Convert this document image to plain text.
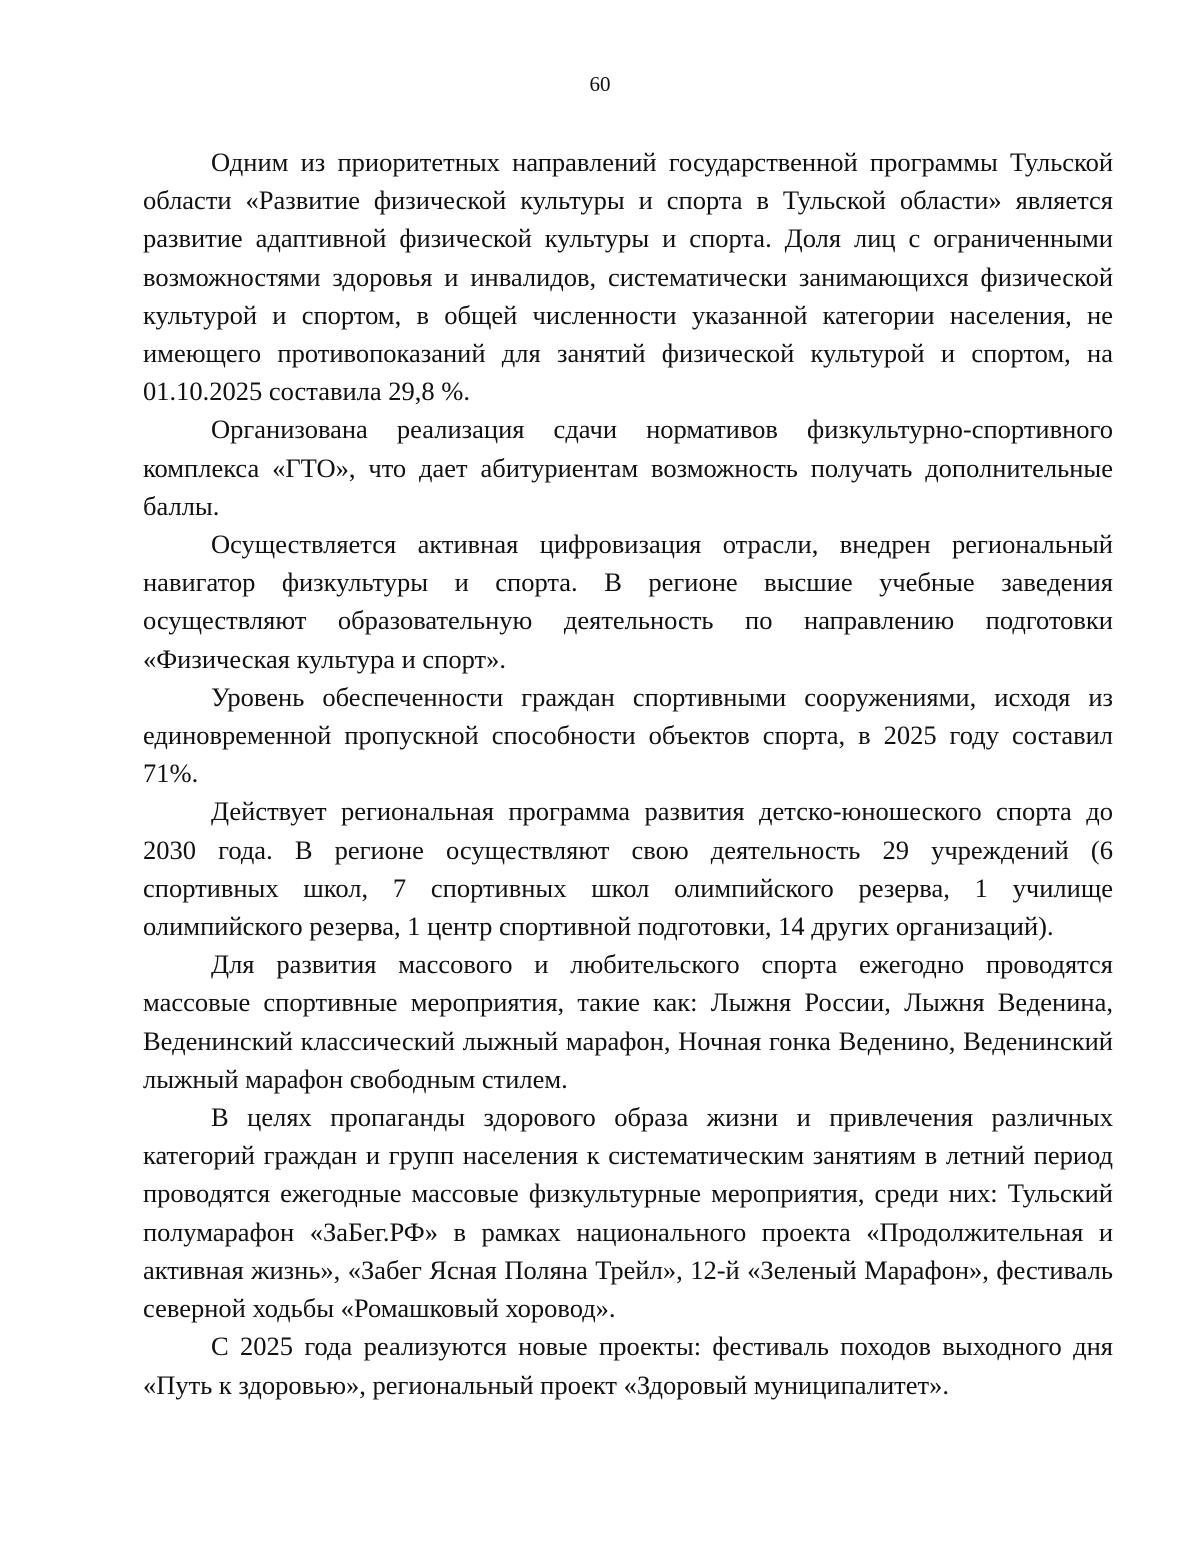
60

Одним из приоритетных направлений государственной программы Тульской области «Развитие физической культуры и спорта в Тульской области» является развитие адаптивной физической культуры и спорта. Доля лиц с ограниченными возможностями здоровья и инвалидов, систематически занимающихся физической культурой и спортом, в общей численности указанной категории населения, не имеющего противопоказаний для занятий физической культурой и спортом, на 01.10.2025 составила 29,8 %.

Организована реализация сдачи нормативов физкультурно-спортивного комплекса «ГТО», что дает абитуриентам возможность получать дополнительные баллы.

Осуществляется активная цифровизация отрасли, внедрен региональный навигатор физкультуры и спорта. В регионе высшие учебные заведения осуществляют образовательную деятельность по направлению подготовки «Физическая культура и спорт».

Уровень обеспеченности граждан спортивными сооружениями, исходя из единовременной пропускной способности объектов спорта, в 2025 году составил 71%.

Действует региональная программа развития детско-юношеского спорта до 2030 года. В регионе осуществляют свою деятельность 29 учреждений (6 спортивных школ, 7 спортивных школ олимпийского резерва, 1 училище олимпийского резерва, 1 центр спортивной подготовки, 14 других организаций).

Для развития массового и любительского спорта ежегодно проводятся массовые спортивные мероприятия, такие как: Лыжня России, Лыжня Веденина, Веденинский классический лыжный марафон, Ночная гонка Веденино, Веденинский лыжный марафон свободным стилем.

В целях пропаганды здорового образа жизни и привлечения различных категорий граждан и групп населения к систематическим занятиям в летний период проводятся ежегодные массовые физкультурные мероприятия, среди них: Тульский полумарафон «ЗаБег.РФ» в рамках национального проекта «Продолжительная и активная жизнь», «Забег Ясная Поляна Трейл», 12-й «Зеленый Марафон», фестиваль северной ходьбы «Ромашковый хоровод».

С 2025 года реализуются новые проекты: фестиваль походов выходного дня «Путь к здоровью», региональный проект «Здоровый муниципалитет».
